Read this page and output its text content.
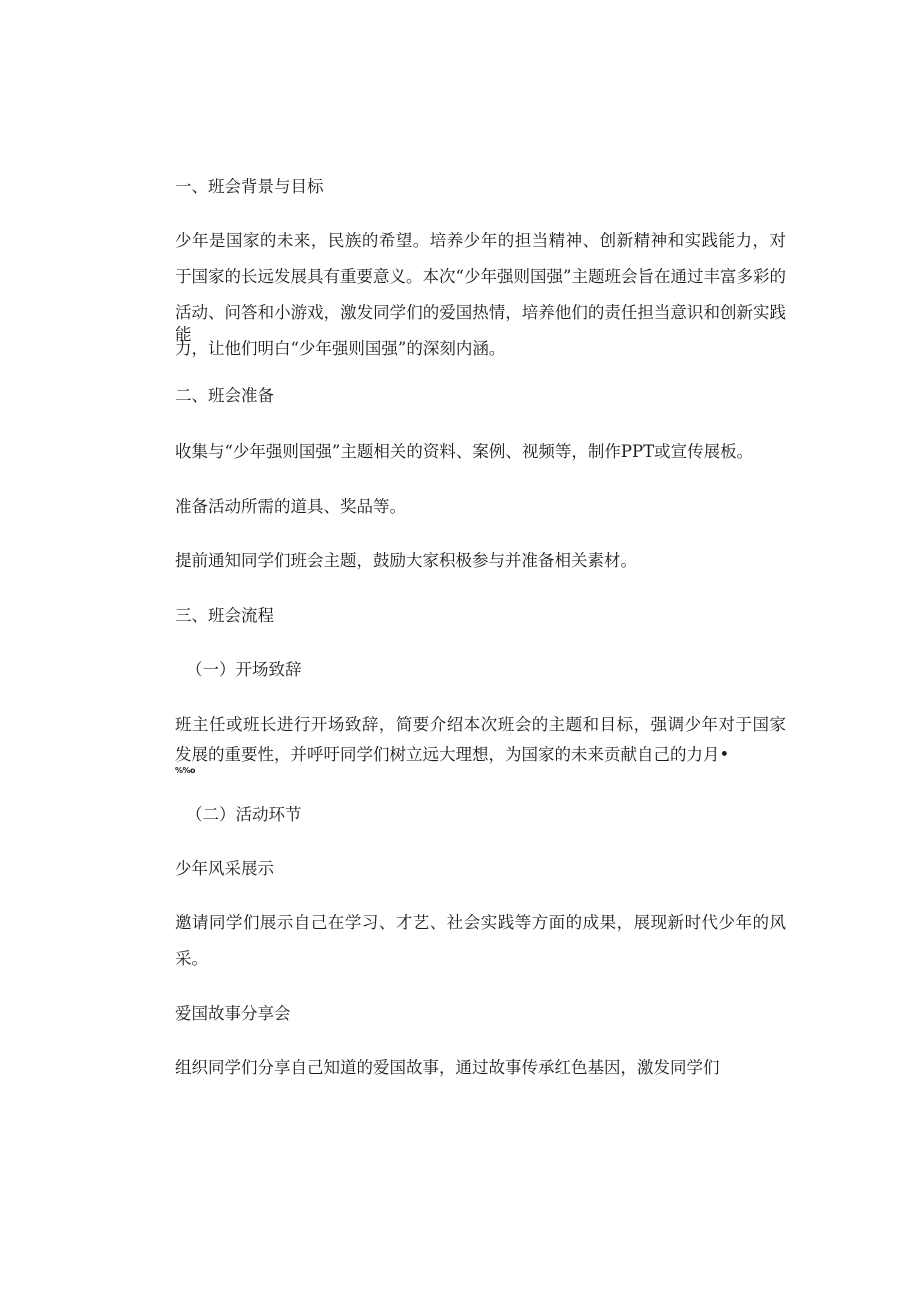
一、班会背景与目标

少年是国家的未来，民族的希望。培养少年的担当精神、创新精神和实践能力，对

于国家的长远发展具有重要意义。本次“少年强则国强”主题班会旨在通过丰富多彩的

活动、问答和小游戏，激发同学们的爱国热情，培养他们的责任担当意识和创新实践能

力，让他们明白“少年强则国强”的深刻内涵。

二、班会准备

收集与“少年强则国强”主题相关的资料、案例、视频等，制作PPT或宣传展板。

准备活动所需的道具、奖品等。

提前通知同学们班会主题，鼓励大家积极参与并准备相关素材。

三、班会流程

（一）开场致辞

班主任或班长进行开场致辞，简要介绍本次班会的主题和目标，强调少年对于国家

发展的重要性，并呼吁同学们树立远大理想，为国家的未来贡献自己的力月•

%%o

（二）活动环节

少年风采展示

邀请同学们展示自己在学习、才艺、社会实践等方面的成果，展现新时代少年的风

采。

爱国故事分享会

组织同学们分享自己知道的爱国故事，通过故事传承红色基因，激发同学们
